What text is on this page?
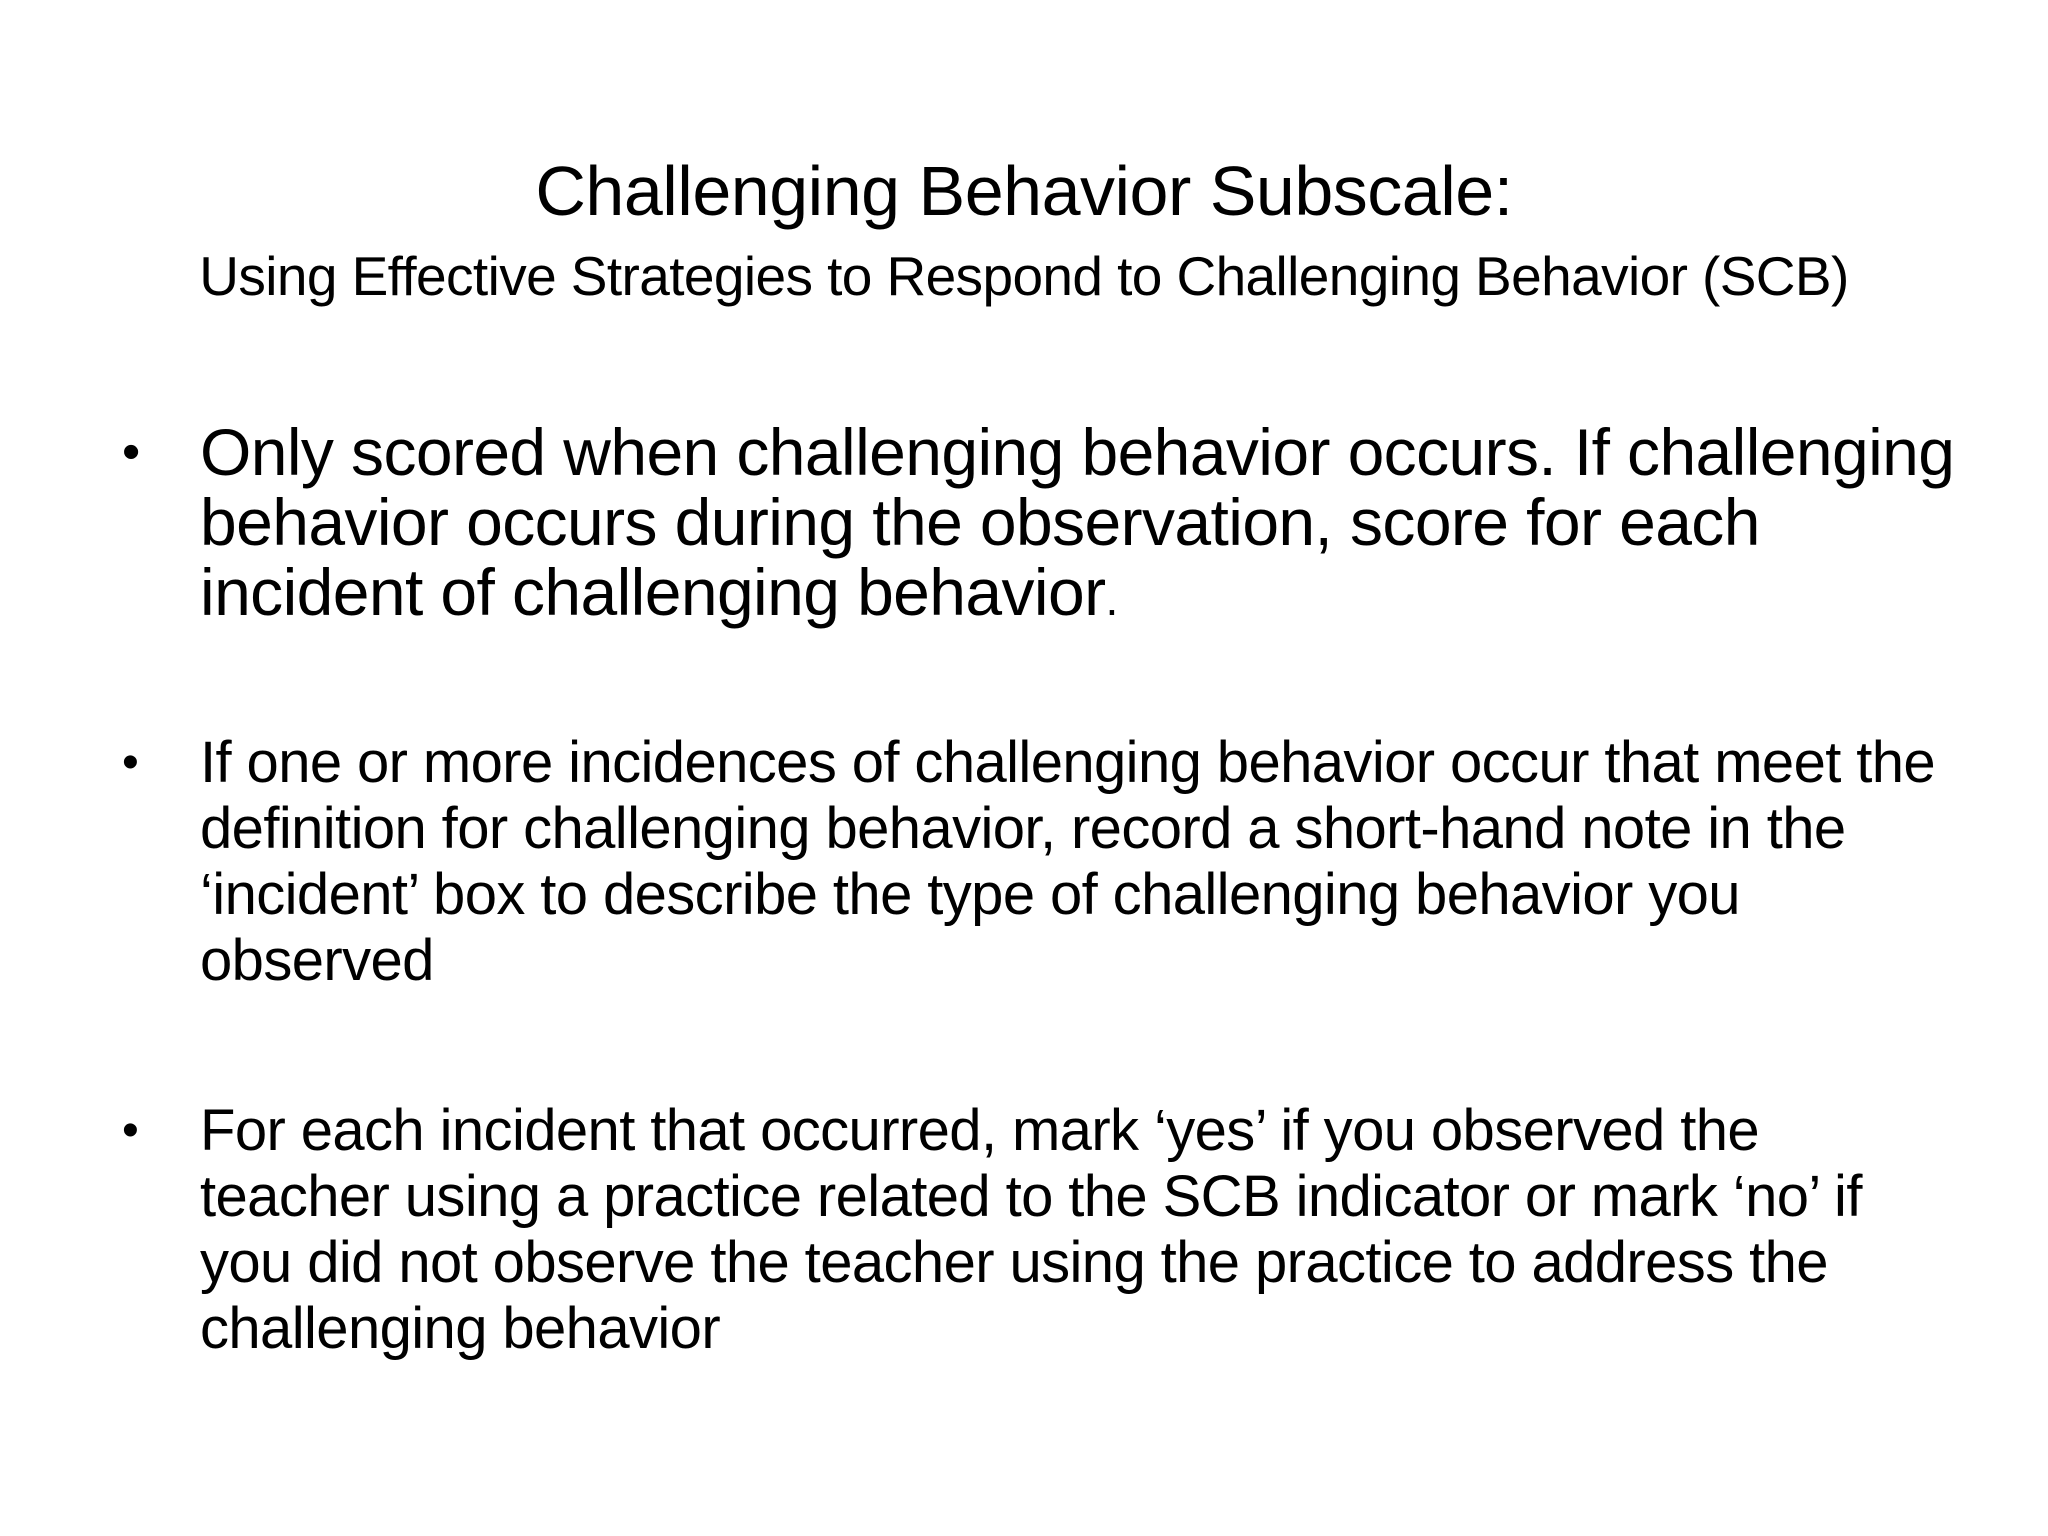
Challenging Behavior Subscale:

Using Effective Strategies to Respond to Challenging Behavior (SCB)

• Only scored when challenging behavior occurs. If challenging behavior occurs during the observation, score for each incident of challenging behavior.
•	If one or more incidences of challenging behavior occur that meet the definition for challenging behavior, record a short-hand note in the ‘incident’ box to describe the type of challenging behavior you observed
•	For each incident that occurred, mark ‘yes’ if you observed the teacher using a practice related to the SCB indicator or mark ‘no’ if you did not observe the teacher using the practice to address the challenging behavior
